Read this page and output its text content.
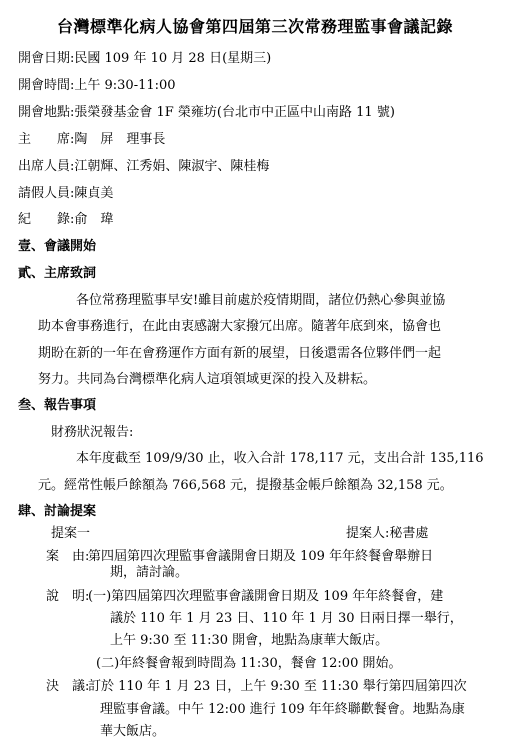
台灣標準化病人協會第四屆第三次常務理監事會議記錄
開會日期:民國 109 年 10 月 28 日(星期三)
開會時間:上午 9:30-11:00
開會地點:張榮發基金會 1F 榮雍坊(台北市中正區中山南路 11 號)
主　　席:陶　屏　理事長
出席人員:江朝輝、江秀娟、陳淑宇、陳桂梅
請假人員:陳貞美
紀　　錄:俞　瑋
壹、會議開始
貳、主席致詞
各位常務理監事早安!雖目前處於疫情期間，諸位仍熱心參與並協
助本會事務進行，在此由衷感謝大家撥冗出席。隨著年底到來，協會也
期盼在新的一年在會務運作方面有新的展望，日後還需各位夥伴們一起
努力。共同為台灣標準化病人這項領域更深的投入及耕耘。
叁、報告事項
財務狀況報告:
本年度截至 109/9/30 止，收入合計 178,117 元，支出合計 135,116
元。經常性帳戶餘額為 766,568 元，提撥基金帳戶餘額為 32,158 元。
肆、討論提案
提案一	提案人:秘書處
案　由:
第四屆第四次理監事會議開會日期及 109 年年終餐會舉辦日
期，請討論。
說　明:
(一)第四屆第四次理監事會議開會日期及 109 年年終餐會，建
議於 110 年 1 月 23 日、110 年 1 月 30 日兩日擇一舉行，
上午 9:30 至 11:30 開會，地點為康華大飯店。
(二)年終餐會報到時間為 11:30，餐會 12:00 開始。
決　議:
訂於 110 年 1 月 23 日，上午 9:30 至 11:30 舉行第四屆第四次
理監事會議。中午 12:00 進行 109 年年終聯歡餐會。地點為康
華大飯店。
